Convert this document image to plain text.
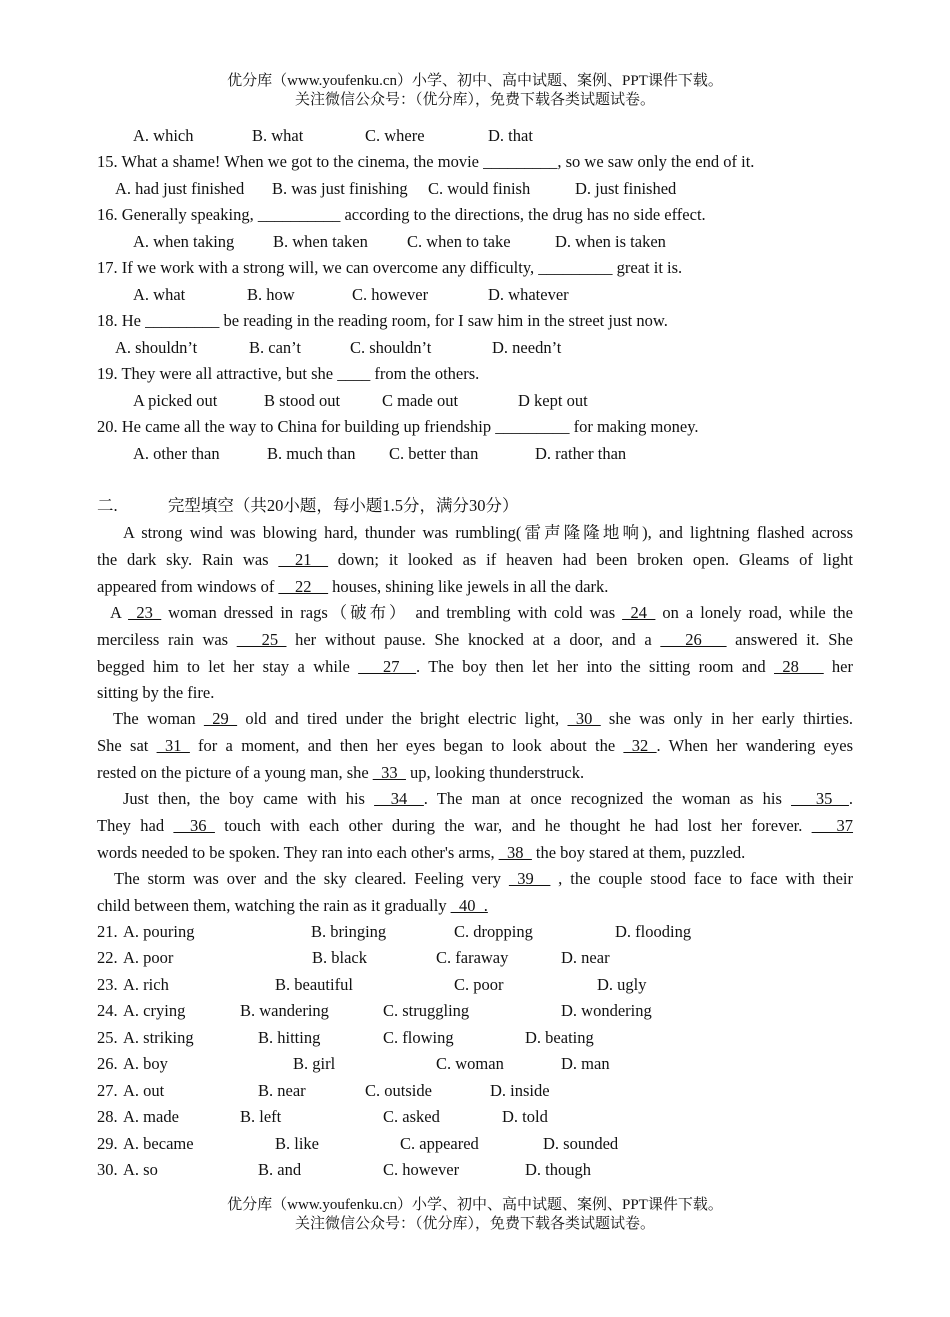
优分库（www.youfenku.cn）小学、初中、高中试题、案例、PPT课件下载。
关注微信公众号：（优分库），免费下载各类试题试卷。
A. which	B. what	C. where	D. that
15. What a shame! When we got to the cinema, the movie _________, so we saw only the end of it.
A. had just finished B. was just finishing C. would finish	D. just finished
16. Generally speaking, __________ according to the directions, the drug has no side effect.
A. when taking B. when taken C. when to take	D. when is taken
17. If we work with a strong will, we can overcome any difficulty, _________ great it is.
A. what	B. how	C. however	D. whatever
18. He _________ be reading in the reading room, for I saw him in the street just now.
A. shouldn’t	B. can’t	C. shouldn’t	D. needn’t
19. They were all attractive, but she ____ from the others.
A picked out	B stood out	C made out	D kept out
20. He came all the way to China for building up friendship _________ for making money.
A. other than	B. much than C. better than	D. rather than
二.	完型填空（共20小题，每小题1.5分，满分30分）
A strong wind was blowing hard, thunder was rumbling(雷声隆隆地响), and lightning flashed across
the dark sky. Rain was __21__ down; it looked as if heaven had been broken open. Gleams of light
appeared from windows of __22__ houses, shining like jewels in all the dark.
A _23_ woman dressed in rags（破布） and trembling with cold was _24_ on a lonely road, while the
merciless rain was ___25_ her without pause. She knocked at a door, and a ___26___ answered it. She
begged him to let her stay a while ___27__. The boy then let her into the sitting room and _28___ her
sitting by the fire.
The woman _29_ old and tired under the bright electric light, _30_ she was only in her early thirties.
She sat _31_ for a moment, and then her eyes began to look about the _32_. When her wandering eyes
rested on the picture of a young man, she _33_ up, looking thunderstruck.
Just then, the boy came with his __34__. The man at once recognized the woman as his ___35__.
They had __36_ touch with each other during the war, and he thought he had lost her forever. ___37
words needed to be spoken. They ran into each other's arms, _38_ the boy stared at them, puzzled.
The storm was over and the sky cleared. Feeling very _39__ , the couple stood face to face with their
child between them, watching the rain as it gradually _40_.
21. A. pouring	B. bringing	C. dropping	D. flooding
22. A. poor	B. black	C. faraway	D. near
23. A. rich	B. beautiful	C. poor	D. ugly
24. A. crying	B. wandering	C. struggling	D. wondering
25. A. striking	B. hitting	C. flowing	D. beating
26. A. boy	B. girl	C. woman	D. man
27. A. out	B. near	C. outside	D. inside
28. A. made	B. left	C. asked	D. told
29. A. became	B. like	C. appeared	D. sounded
30. A. so	B. and	C. however	D. though
优分库（www.youfenku.cn）小学、初中、高中试题、案例、PPT课件下载。
关注微信公众号：（优分库），免费下载各类试题试卷。
